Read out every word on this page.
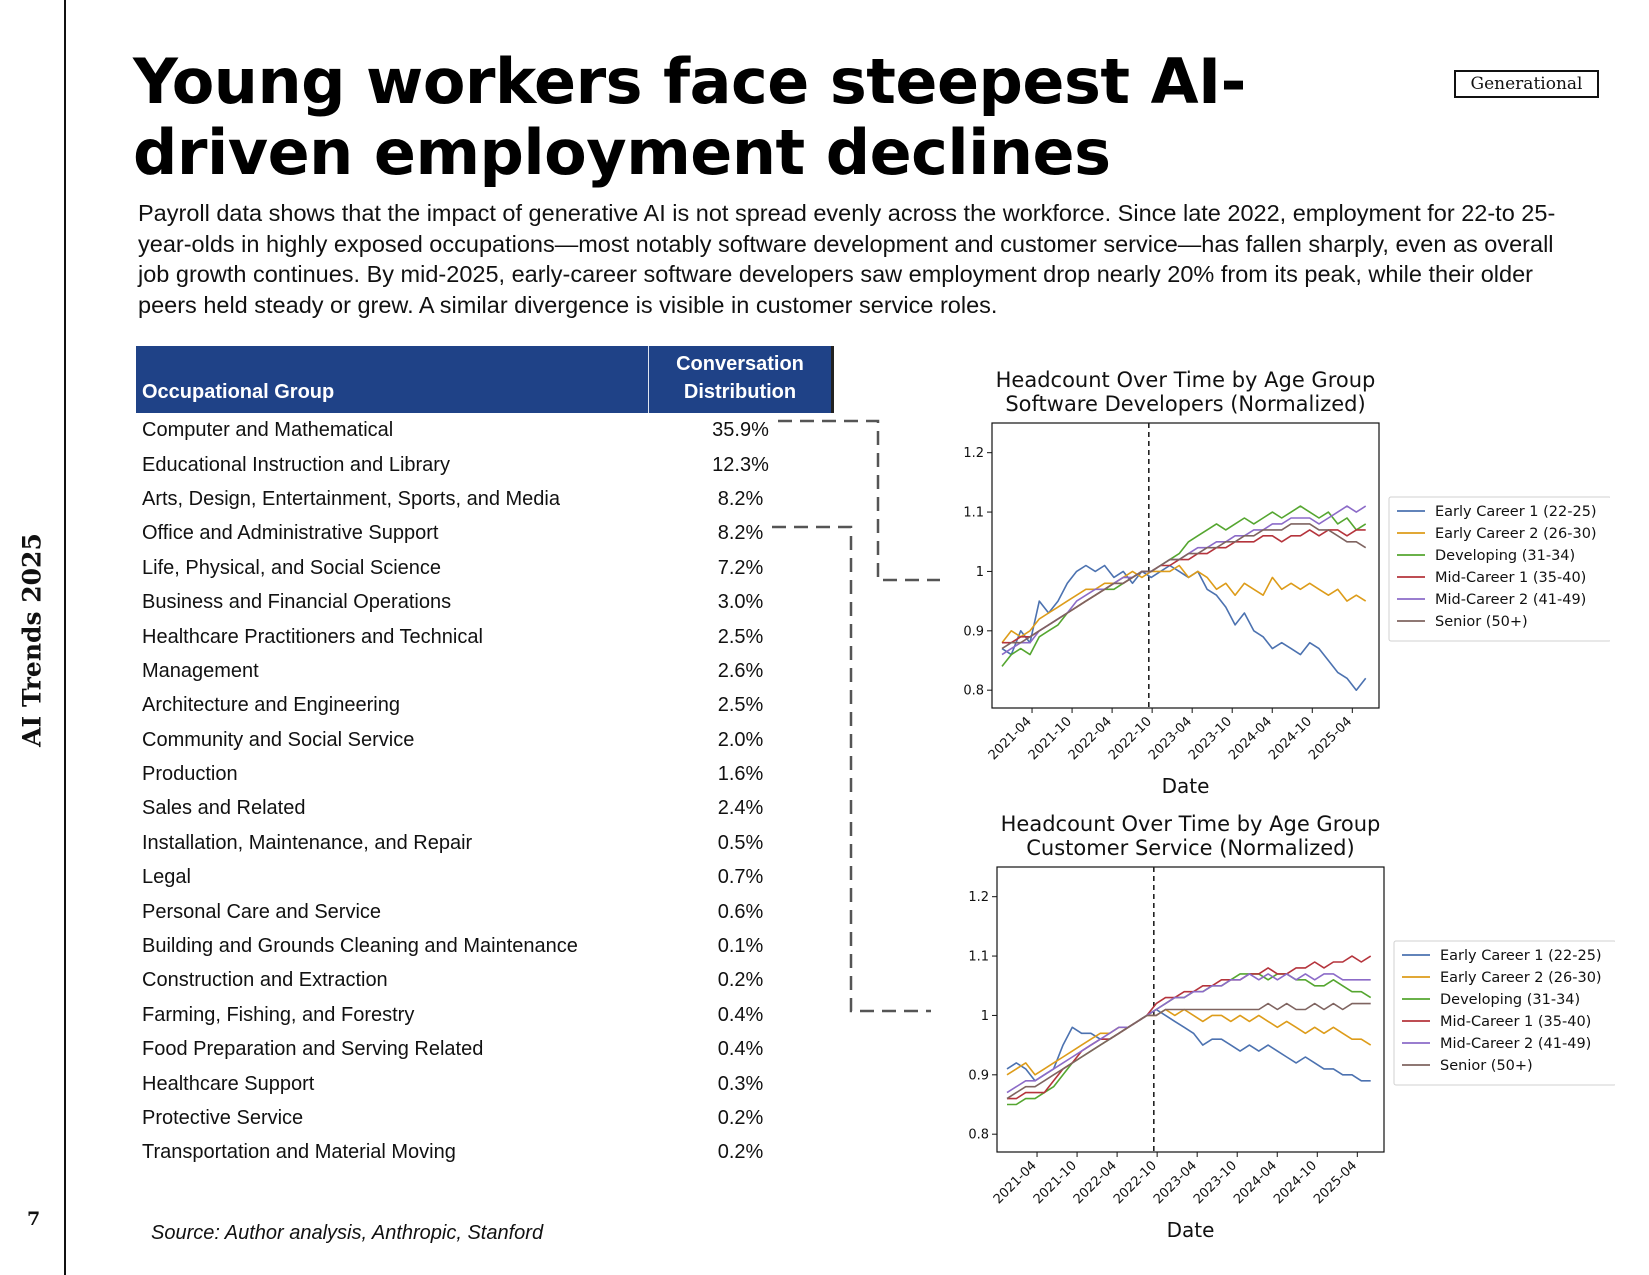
AI Trends 2025
7
Young workers face steepest AI-driven employment declines
Generational

Payroll data shows that the impact of generative AI is not spread evenly across the workforce. Since late 2022, employment for 22-to 25-year-olds in highly exposed occupations—most notably software development and customer service—has fallen sharply, even as overall job growth continues. By mid-2025, early-career software developers saw employment drop nearly 20% from its peak, while their older peers held steady or grew. A similar divergence is visible in customer service roles.

Occupational Group	Conversation Distribution
Computer and Mathematical	35.9%
Educational Instruction and Library	12.3%
Arts, Design, Entertainment, Sports, and Media	8.2%
Office and Administrative Support	8.2%
Life, Physical, and Social Science	7.2%
Business and Financial Operations	3.0%
Healthcare Practitioners and Technical	2.5%
Management	2.6%
Architecture and Engineering	2.5%
Community and Social Service	2.0%
Production	1.6%
Sales and Related	2.4%
Installation, Maintenance, and Repair	0.5%
Legal	0.7%
Personal Care and Service	0.6%
Building and Grounds Cleaning and Maintenance	0.1%
Construction and Extraction	0.2%
Farming, Fishing, and Forestry	0.4%
Food Preparation and Serving Related	0.4%
Healthcare Support	0.3%
Protective Service	0.2%
Transportation and Material Moving	0.2%
Headcount Over Time by Age Group
Software Developers (Normalized)
0.8
0.9
1
1.1
1.2
2021-04
2021-10
2022-04
2022-10
2023-04
2023-10
2024-04
2024-10
2025-04
Date
Early Career 1 (22-25)
Early Career 2 (26-30)
Developing (31-34)
Mid-Career 1 (35-40)
Mid-Career 2 (41-49)
Senior (50+)
Headcount Over Time by Age Group
Customer Service (Normalized)
0.8
0.9
1
1.1
1.2
2021-04
2021-10
2022-04
2022-10
2023-04
2023-10
2024-04
2024-10
2025-04
Date
Early Career 1 (22-25)
Early Career 2 (26-30)
Developing (31-34)
Mid-Career 1 (35-40)
Mid-Career 2 (41-49)
Senior (50+)
Source: Author analysis, Anthropic, Stanford
